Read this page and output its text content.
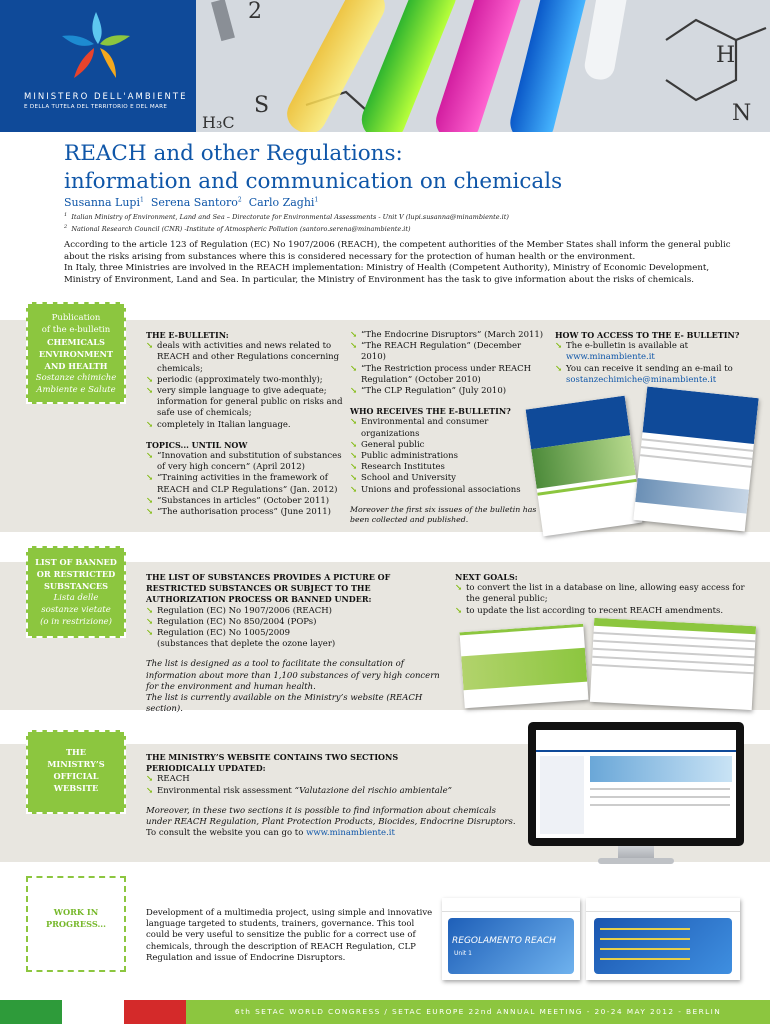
MINISTERO DELL'AMBIENTE
E DELLA TUTELA DEL TERRITORIO E DEL MARE
2
S
H₃C
H
N
REACH and other Regulations:
information and communication on chemicals
Susanna Lupi$^1$ Serena Santoro$^2$ Carlo Zaghi$^1$
$^1$ Italian Ministry of Environment, Land and Sea – Directorate for Environmental Assessments - Unit V (lupi.susanna@minambiente.it)
$^2$ National Research Council (CNR) -Institute of Atmospheric Pollution (santoro.serena@minambiente.it)
According to the article 123 of Regulation (EC) No 1907/2006 (REACH), the competent authorities of the Member States shall inform the general public about the risks arising from substances where this is considered necessary for the protection of human health or the environment.
In Italy, three Ministries are involved in the REACH implementation: Ministry of Health (Competent Authority), Ministry of Economic Development, Ministry of Environment, Land and Sea. In particular, the Ministry of Environment has the task to give information about the risks of chemicals.
Publication
of the e-bulletin
CHEMICALS
ENVIRONMENT
AND HEALTH
Sostanze chimiche
Ambiente e Salute
THE E-BULLETIN:
↘ deals with activities and news related to REACH and other Regulations concerning chemicals;
↘ periodic (approximately two-monthly);
↘ very simple language to give adequate; information for general public on risks and safe use of chemicals;
↘ completely in Italian language.
TOPICS... UNTIL NOW
↘ “Innovation and substitution of substances of very high concern” (April 2012)
↘ “Training activities in the framework of REACH and CLP Regulations” (Jan. 2012)
↘ “Substances in articles” (October 2011)
↘ “The authorisation process” (June 2011)
↘ “The Endocrine Disruptors” (March 2011)
↘ “The REACH Regulation” (December 2010)
↘ “The Restriction process under REACH Regulation” (October 2010)
↘ “The CLP Regulation” (July 2010)
WHO RECEIVES THE E-BULLETIN?
↘ Environmental and consumer organizations
↘ General public
↘ Public administrations
↘ Research Institutes
↘ School and University
↘ Unions and professional associations
Moreover the first six issues of the bulletin has been collected and published.
HOW TO ACCESS TO THE E- BULLETIN?
↘ The e-bulletin is available at
www.minambiente.it
↘ You can receive it sending an e-mail to
sostanzechimiche@minambiente.it
LIST OF BANNED
OR RESTRICTED
SUBSTANCES
Lista delle
sostanze vietate
(o in restrizione)
THE LIST OF SUBSTANCES PROVIDES A PICTURE OF RESTRICTED SUBSTANCES OR SUBJECT TO THE AUTHORIZATION PROCESS OR BANNED UNDER:
↘ Regulation (EC) No 1907/2006 (REACH)
↘ Regulation (EC) No 850/2004 (POPs)
↘ Regulation (EC) No 1005/2009
(substances that deplete the ozone layer)
The list is designed as a tool to facilitate the consultation of information about more than 1,100 substances of very high concern for the environment and human health.
The list is currently available on the Ministry’s website (REACH section).
NEXT GOALS:
↘ to convert the list in a database on line, allowing easy access for the general public;
↘ to update the list according to recent REACH amendments.
THE
MINISTRY’S
OFFICIAL
WEBSITE
THE MINISTRY’S WEBSITE CONTAINS TWO SECTIONS PERIODICALLY UPDATED:
↘ REACH
↘ Environmental risk assessment “Valutazione del rischio ambientale”
Moreover, in these two sections it is possible to find information about chemicals under REACH Regulation, Plant Protection Products, Biocides, Endocrine Disruptors.
To consult the website you can go to www.minambiente.it
WORK IN
PROGRESS...
Development of a multimedia project, using simple and innovative language targeted to students, trainers, governance. This tool could be very useful to sensitize the public for a correct use of chemicals, through the description of REACH Regulation, CLP Regulation and issue of Endocrine Disruptors.
REGOLAMENTO REACH
Unit 1
6th SETAC WORLD CONGRESS / SETAC EUROPE 22nd ANNUAL MEETING - 20-24 MAY 2012 - BERLIN
